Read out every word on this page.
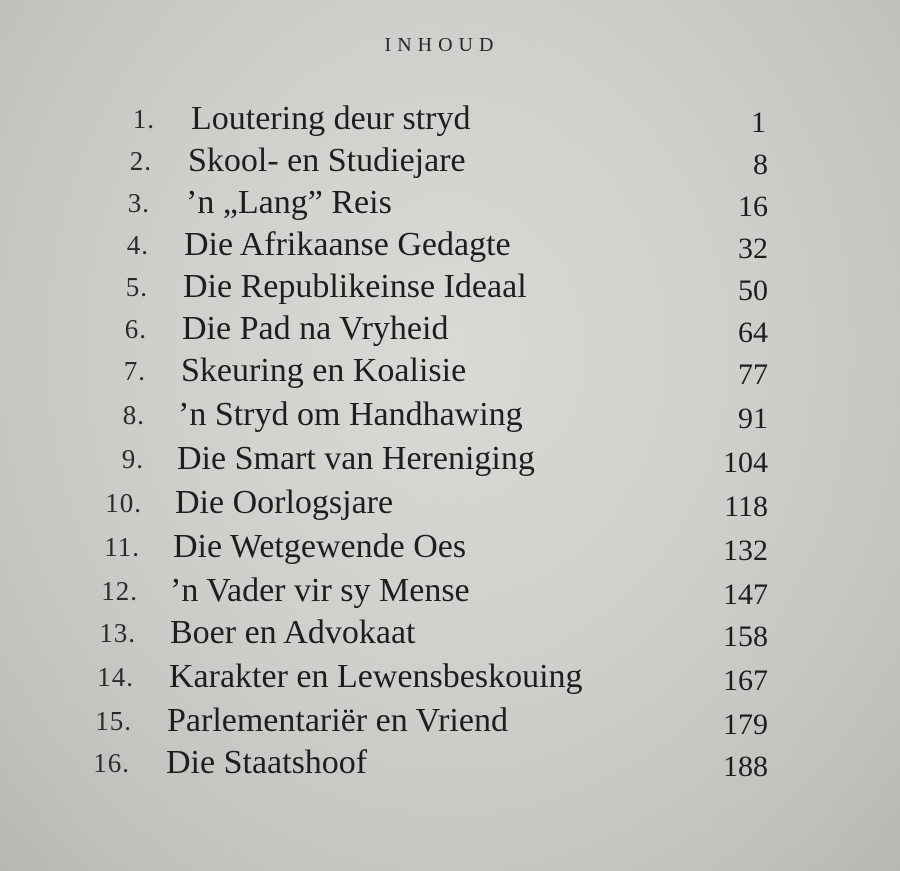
INHOUD
1. Loutering deur stryd	1
2. Skool- en Studiejare	8
3. ’n „Lang” Reis	16
4. Die Afrikaanse Gedagte	32
5. Die Republikeinse Ideaal	50
6. Die Pad na Vryheid	64
7. Skeuring en Koalisie	77
8. ’n Stryd om Handhawing	91
9. Die Smart van Hereniging	104
10. Die Oorlogsjare	118
11. Die Wetgewende Oes	132
12. ’n Vader vir sy Mense	147
13. Boer en Advokaat	158
14. Karakter en Lewensbeskouing	167
15. Parlementariër en Vriend	179
16. Die Staatshoof	188
